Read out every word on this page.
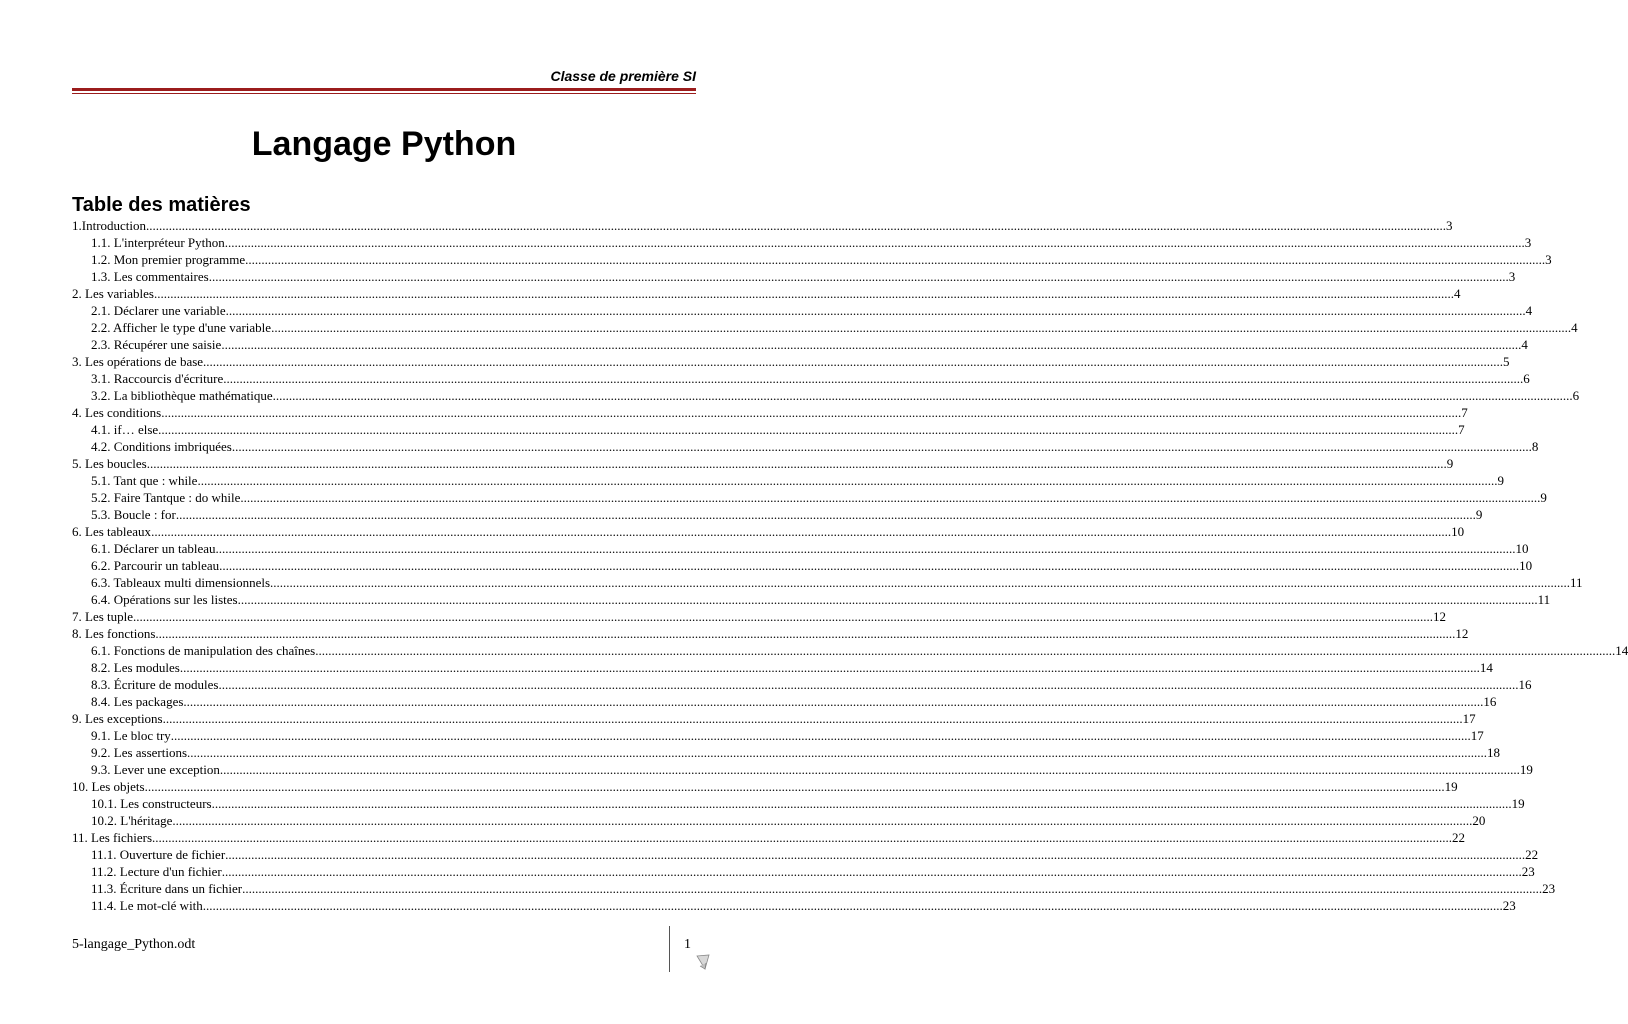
Classe de première SI
Langage Python
Table des matières
1.Introduction ................................................................................................................................................................................................................................................................................................................................................................................................................ 3
1.1. L'interpréteur Python ................................................................................................................................................................................................................................................................................................................................................................................................................ 3
1.2. Mon premier programme ................................................................................................................................................................................................................................................................................................................................................................................................................ 3
1.3. Les commentaires ................................................................................................................................................................................................................................................................................................................................................................................................................ 3
2. Les variables ................................................................................................................................................................................................................................................................................................................................................................................................................ 4
2.1. Déclarer une variable ................................................................................................................................................................................................................................................................................................................................................................................................................ 4
2.2. Afficher le type d'une variable ................................................................................................................................................................................................................................................................................................................................................................................................................ 4
2.3. Récupérer une saisie ................................................................................................................................................................................................................................................................................................................................................................................................................ 4
3. Les opérations de base ................................................................................................................................................................................................................................................................................................................................................................................................................ 5
3.1. Raccourcis d'écriture ................................................................................................................................................................................................................................................................................................................................................................................................................ 6
3.2. La bibliothèque mathématique ................................................................................................................................................................................................................................................................................................................................................................................................................ 6
4. Les conditions ................................................................................................................................................................................................................................................................................................................................................................................................................ 7
4.1. if… else ................................................................................................................................................................................................................................................................................................................................................................................................................ 7
4.2. Conditions imbriquées ................................................................................................................................................................................................................................................................................................................................................................................................................ 8
5. Les boucles ................................................................................................................................................................................................................................................................................................................................................................................................................ 9
5.1. Tant que : while ................................................................................................................................................................................................................................................................................................................................................................................................................ 9
5.2. Faire Tantque : do while ................................................................................................................................................................................................................................................................................................................................................................................................................ 9
5.3. Boucle : for ................................................................................................................................................................................................................................................................................................................................................................................................................ 9
6. Les tableaux ................................................................................................................................................................................................................................................................................................................................................................................................................ 10
6.1. Déclarer un tableau ................................................................................................................................................................................................................................................................................................................................................................................................................ 10
6.2. Parcourir un tableau ................................................................................................................................................................................................................................................................................................................................................................................................................ 10
6.3. Tableaux multi dimensionnels ................................................................................................................................................................................................................................................................................................................................................................................................................ 11
6.4. Opérations sur les listes ................................................................................................................................................................................................................................................................................................................................................................................................................ 11
7. Les tuple ................................................................................................................................................................................................................................................................................................................................................................................................................ 12
8. Les fonctions ................................................................................................................................................................................................................................................................................................................................................................................................................ 12
6.1. Fonctions de manipulation des chaînes ................................................................................................................................................................................................................................................................................................................................................................................................................ 14
8.2. Les modules ................................................................................................................................................................................................................................................................................................................................................................................................................ 14
8.3. Écriture de modules ................................................................................................................................................................................................................................................................................................................................................................................................................ 16
8.4. Les packages ................................................................................................................................................................................................................................................................................................................................................................................................................ 16
9. Les exceptions ................................................................................................................................................................................................................................................................................................................................................................................................................ 17
9.1. Le bloc try ................................................................................................................................................................................................................................................................................................................................................................................................................ 17
9.2. Les assertions ................................................................................................................................................................................................................................................................................................................................................................................................................ 18
9.3. Lever une exception ................................................................................................................................................................................................................................................................................................................................................................................................................ 19
10. Les objets ................................................................................................................................................................................................................................................................................................................................................................................................................ 19
10.1. Les constructeurs ................................................................................................................................................................................................................................................................................................................................................................................................................ 19
10.2. L'héritage ................................................................................................................................................................................................................................................................................................................................................................................................................ 20
11. Les fichiers ................................................................................................................................................................................................................................................................................................................................................................................................................ 22
11.1. Ouverture de fichier ................................................................................................................................................................................................................................................................................................................................................................................................................ 22
11.2. Lecture d'un fichier ................................................................................................................................................................................................................................................................................................................................................................................................................ 23
11.3. Écriture dans un fichier ................................................................................................................................................................................................................................................................................................................................................................................................................ 23
11.4. Le mot-clé with ................................................................................................................................................................................................................................................................................................................................................................................................................ 23
5-langage_Python.odt	1
